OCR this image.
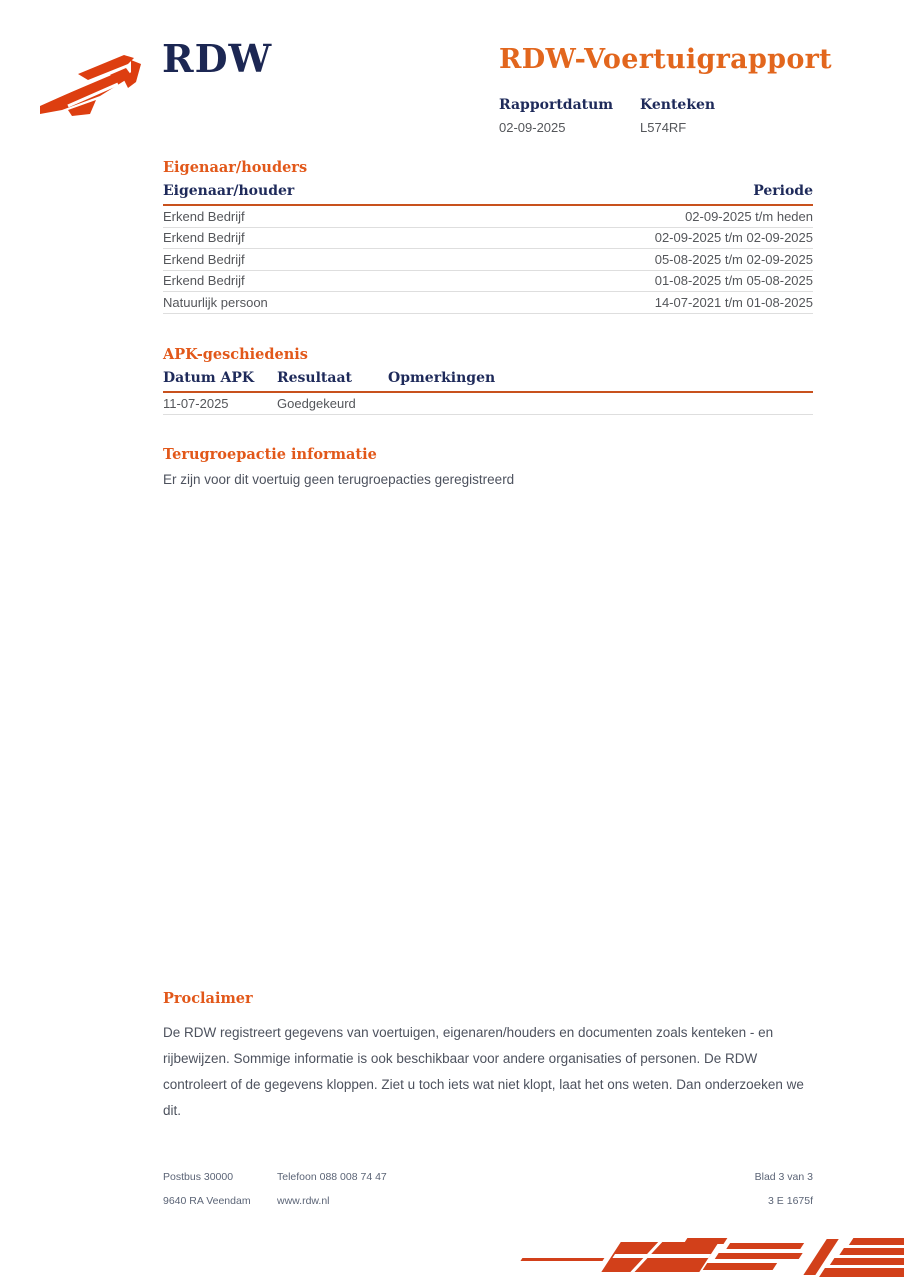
RDW	RDW-Voertuigrapport
Rapportdatum
02-09-2025
Kenteken
L574RF
Eigenaar/houders
Eigenaar/houder	Periode
Erkend Bedrijf	02-09-2025 t/m heden
Erkend Bedrijf	02-09-2025 t/m 02-09-2025
Erkend Bedrijf	05-08-2025 t/m 02-09-2025
Erkend Bedrijf	01-08-2025 t/m 05-08-2025
Natuurlijk persoon	14-07-2021 t/m 01-08-2025
APK-geschiedenis
Datum APK	Resultaat	Opmerkingen
11-07-2025	Goedgekeurd
Terugroepactie informatie
Er zijn voor dit voertuig geen terugroepacties geregistreerd
Proclaimer
De RDW registreert gegevens van voertuigen, eigenaren/houders en documenten zoals kenteken - en rijbewijzen. Sommige informatie is ook beschikbaar voor andere organisaties of personen. De RDW controleert of de gegevens kloppen. Ziet u toch iets wat niet klopt, laat het ons weten. Dan onderzoeken we dit.
Postbus 30000	Telefoon 088 008 74 47	Blad 3 van 3
9640 RA Veendam	www.rdw.nl	3 E 1675f
